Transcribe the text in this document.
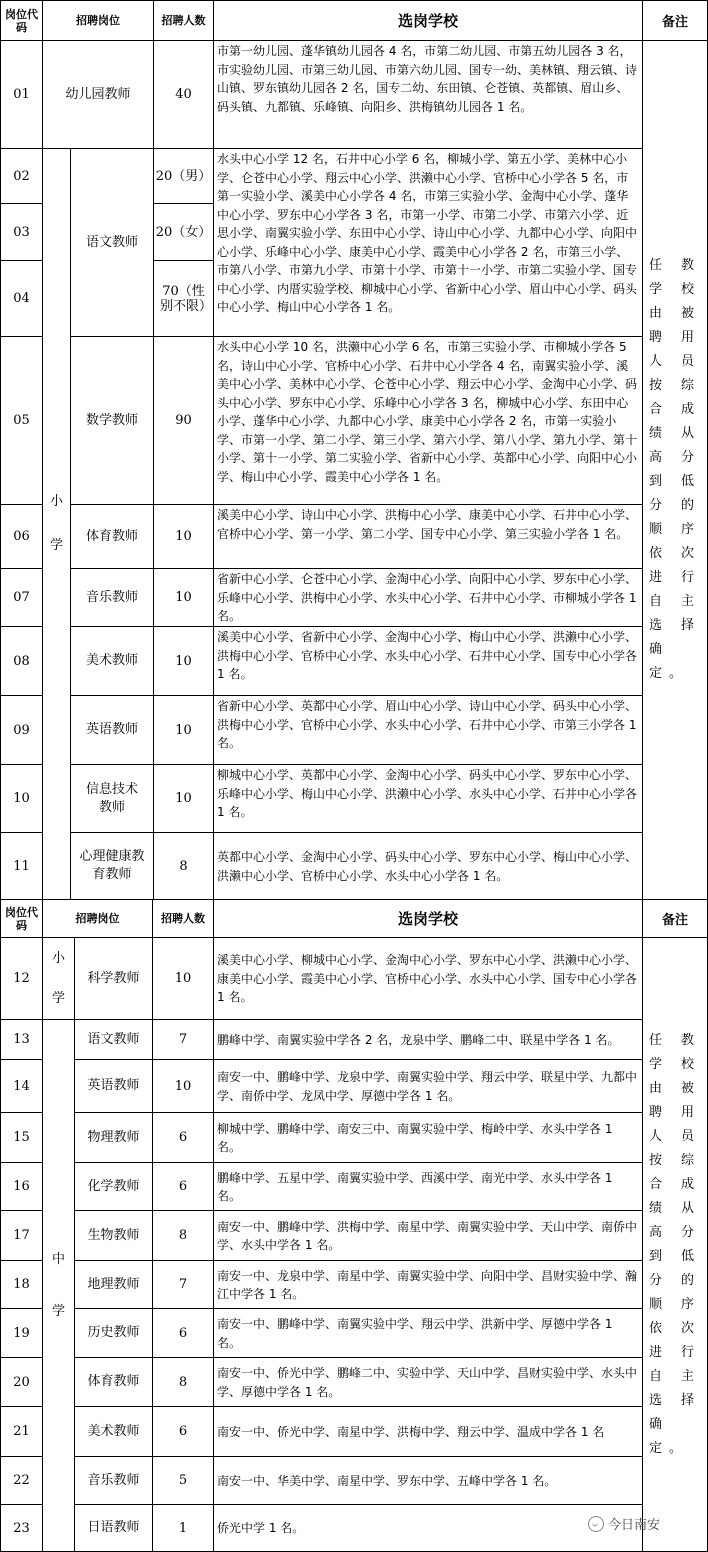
岗位代码	招聘岗位		招聘人数	选岗学校	备注
01	幼儿园教师		40	市第一幼儿园、蓬华镇幼儿园各 4 名，市第二幼儿园、市第五幼儿园各 3 名，市实验幼儿园、市第三幼儿园、市第六幼儿园、国专一幼、美林镇、翔云镇、诗山镇、罗东镇幼儿园各 2 名，国专二幼、东田镇、仑苍镇、英都镇、眉山乡、码头镇、九都镇、乐峰镇、向阳乡、洪梅镇幼儿园各 1 名。	任教学校由被聘用人员按综合成绩从高分到低分的顺序依次进行自主选择确定。

02	小学	语文教师	20（男）	水头中心小学 12 名，石井中心小学 6 名，柳城小学、第五小学、美林中心小学、仑苍中心小学、翔云中心小学、洪濑中心小学、官桥中心小学各 5 名，市第一实验小学、溪美中心小学各 4 名，市第三实验小学、金淘中心小学、蓬华中心小学、罗东中心小学各 3 名，市第一小学、市第二小学、市第六小学、近思小学、南翼实验小学、东田中心小学、诗山中心小学、九都中心小学、向阳中心小学、乐峰中心小学、康美中心小学、霞美中心小学各 2 名，市第三小学、市第八小学、市第九小学、市第十小学、市第十一小学、市第二实验小学、国专中心小学、内厝实验学校、柳城中心小学、省新中心小学、眉山中心小学、码头中心小学、梅山中心小学各 1 名。	
03			20（女）		
04			70（性别不限）		
05		数学教师	90	水头中心小学 10 名，洪濑中心小学 6 名，市第三实验小学、市柳城小学各 5 名，诗山中心小学、官桥中心小学、石井中心小学各 4 名，南翼实验小学、溪美中心小学、美林中心小学、仑苍中心小学、翔云中心小学、金淘中心小学、码头中心小学、罗东中心小学、乐峰中心小学各 3 名，柳城中心小学、东田中心小学、蓬华中心小学、九都中心小学、康美中心小学各 2 名，市第一实验小学、市第一小学、第二小学、第三小学、第六小学、第八小学、第九小学、第十小学、第十一小学、第二实验小学、省新中心小学、英都中心小学、向阳中心小学、梅山中心小学、霞美中心小学各 1 名。	
06		体育教师	10	溪美中心小学、诗山中心小学、洪梅中心小学、康美中心小学、石井中心小学、官桥中心小学、第一小学、第二小学、国专中心小学、第三实验小学各 1 名。	
07		音乐教师	10	省新中心小学、仑苍中心小学、金淘中心小学、向阳中心小学、罗东中心小学、乐峰中心小学、洪梅中心小学、水头中心小学、石井中心小学、市柳城小学各 1 名。	
08		美术教师	10	溪美中心小学、省新中心小学、金淘中心小学、梅山中心小学、洪濑中心小学、洪梅中心小学、官桥中心小学、水头中心小学、石井中心小学、国专中心小学各 1 名。	
09		英语教师	10	省新中心小学、英都中心小学、眉山中心小学、诗山中心小学、码头中心小学、洪梅中心小学、官桥中心小学、水头中心小学、石井中心小学、市第三小学各 1 名。	
10		信息技术教师	10	柳城中心小学、英都中心小学、金淘中心小学、码头中心小学、罗东中心小学、乐峰中心小学、梅山中心小学、洪濑中心小学、水头中心小学、石井中心小学各 1 名。	
11		心理健康教育教师	8	英都中心小学、金淘中心小学、码头中心小学、罗东中心小学、梅山中心小学、洪濑中心小学、官桥中心小学、水头中心小学各 1 名。	
岗位代码	招聘岗位		招聘人数	选岗学校	备注
12	小学	科学教师	10	溪美中心小学、柳城中心小学、金淘中心小学、罗东中心小学、洪濑中心小学、康美中心小学、霞美中心小学、官桥中心小学、水头中心小学、国专中心小学各 1 名。	任教学校由被聘用人员按综合成绩从高分到低分的顺序依次进行自主选择确定。

13	中学	语文教师	7	鹏峰中学、南翼实验中学各 2 名，龙泉中学、鹏峰二中、联星中学各 1 名。	
14		英语教师	10	南安一中、鹏峰中学、龙泉中学、南翼实验中学、翔云中学、联星中学、九都中学、南侨中学、龙凤中学、厚德中学各 1 名。	
15		物理教师	6	柳城中学、鹏峰中学、南安三中、南翼实验中学、梅岭中学、水头中学各 1 名。	
16		化学教师	6	鹏峰中学、五星中学、南翼实验中学、西溪中学、南光中学、水头中学各 1 名。	
17		生物教师	8	南安一中、鹏峰中学、洪梅中学、南星中学、南翼实验中学、天山中学、南侨中学、水头中学各 1 名。	
18		地理教师	7	南安一中、龙泉中学、南星中学、南翼实验中学、向阳中学、昌财实验中学、瀚江中学各 1 名。	
19		历史教师	6	南安一中、鹏峰中学、南翼实验中学、翔云中学、洪新中学、厚德中学各 1 名。	
20		体育教师	8	南安一中、侨光中学、鹏峰二中、实验中学、天山中学、昌财实验中学、水头中学、厚德中学各 1 名。	
21		美术教师	6	南安一中、侨光中学、南星中学、洪梅中学、翔云中学、温成中学各 1 名	
22		音乐教师	5	南安一中、华美中学、南星中学、罗东中学、五峰中学各 1 名。	
23		日语教师	1	侨光中学 1 名。		今日南安
